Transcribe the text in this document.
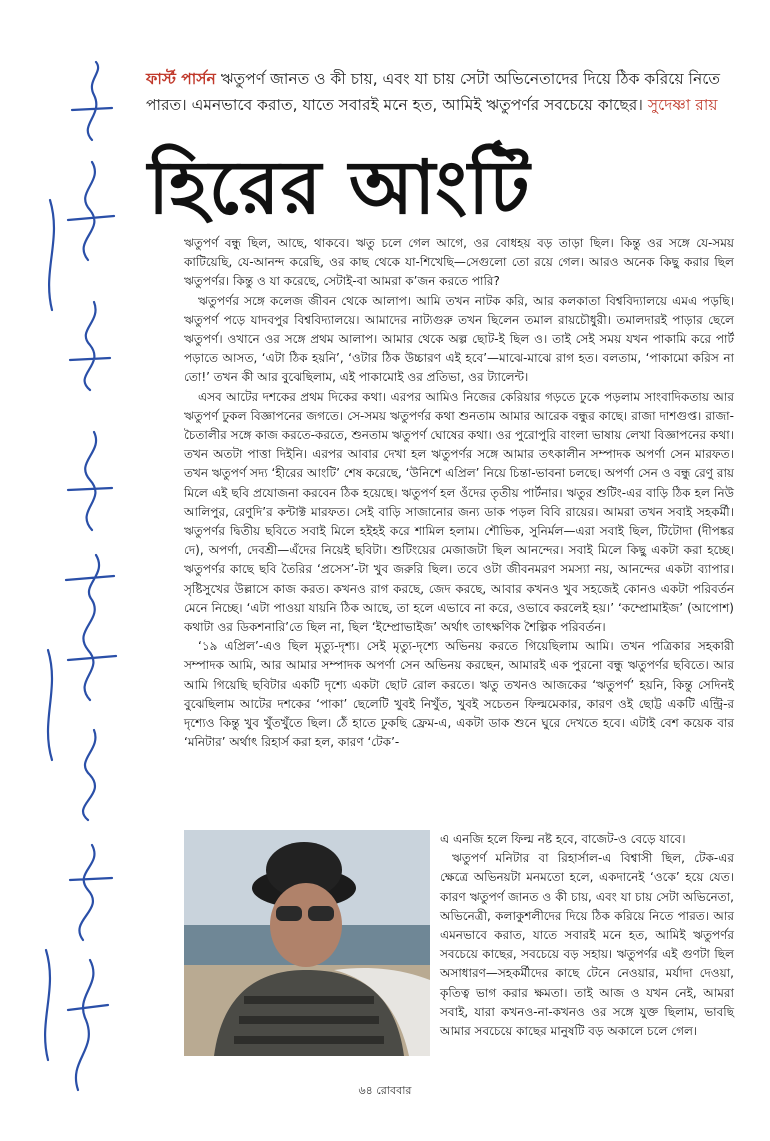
ফার্স্ট পার্সন ঋতুপর্ণ জানত ও কী চায়, এবং যা চায় সেটা অভিনেতাদের দিয়ে ঠিক করিয়ে নিতে পারত। এমনভাবে করাত, যাতে সবারই মনে হত, আমিই ঋতুপর্ণর সবচেয়ে কাছের। সুদেষ্ণা রায়
হিরের আংটি

ঋতুপর্ণ বন্ধু ছিল, আছে, থাকবে। ঋতু চলে গেল আগে, ওর বোধহয় বড় তাড়া ছিল। কিন্তু ওর সঙ্গে যে-সময় কাটিয়েছি, যে-আনন্দ করেছি, ওর কাছ থেকে যা-শিখেছি—সেগুলো তো রয়ে গেল। আরও অনেক কিছু করার ছিল ঋতুপর্ণর। কিন্তু ও যা করেছে, সেটাই-বা আমরা ক’জন করতে পারি?

ঋতুপর্ণর সঙ্গে কলেজ জীবন থেকে আলাপ। আমি তখন নাটক করি, আর কলকাতা বিশ্ববিদ্যালয়ে এমএ পড়ছি। ঋতুপর্ণ পড়ে যাদবপুর বিশ্ববিদ্যালয়ে। আমাদের নাট্যগুরু তখন ছিলেন তমাল রায়চৌধুরী। তমালদারই পাড়ার ছেলে ঋতুপর্ণ। ওখানে ওর সঙ্গে প্রথম আলাপ। আমার থেকে অল্প ছোট-ই ছিল ও। তাই সেই সময় যখন পাকামি করে পার্ট পড়াতে আসত, ‘এটা ঠিক হয়নি’, ‘ওটার ঠিক উচ্চারণ এই হবে’—মাঝে-মাঝে রাগ হত। বলতাম, ‘পাকামো করিস না তো!’ তখন কী আর বুঝেছিলাম, এই পাকামোই ওর প্রতিভা, ওর ট্যালেন্ট।

এসব আটের দশকের প্রথম দিকের কথা। এরপর আমিও নিজের কেরিয়ার গড়তে ঢুকে পড়লাম সাংবাদিকতায় আর ঋতুপর্ণ ঢুকল বিজ্ঞাপনের জগতে। সে-সময় ঋতুপর্ণর কথা শুনতাম আমার আরেক বন্ধুর কাছে। রাজা দাশগুপ্ত। রাজা-চৈতালীর সঙ্গে কাজ করতে-করতে, শুনতাম ঋতুপর্ণ ঘোষের কথা। ওর পুরোপুরি বাংলা ভাষায় লেখা বিজ্ঞাপনের কথা। তখন অতটা পাত্তা দিইনি। এরপর আবার দেখা হল ঋতুপর্ণর সঙ্গে আমার তৎকালীন সম্পাদক অপর্ণা সেন মারফত। তখন ঋতুপর্ণ সদ্য ‘হীরের আংটি’ শেষ করেছে, ‘উনিশে এপ্রিল’ নিয়ে চিন্তা-ভাবনা চলছে। অপর্ণা সেন ও বন্ধু রেণু রায় মিলে এই ছবি প্রযোজনা করবেন ঠিক হয়েছে। ঋতুপর্ণ হল ওঁদের তৃতীয় পার্টনার। ঋতুর শুটিং-এর বাড়ি ঠিক হল নিউ আলিপুর, রেণুদি’র কন্টাক্ট মারফত। সেই বাড়ি সাজানোর জন্য ডাক পড়ল বিবি রায়ের। আমরা তখন সবাই সহকর্মী। ঋতুপর্ণর দ্বিতীয় ছবিতে সবাই মিলে হইহই করে শামিল হলাম। শৌভিক, সুনির্মল—এরা সবাই ছিল, টিটোদা (দীপঙ্কর দে), অপর্ণা, দেবশ্রী—এঁদের নিয়েই ছবিটা। শুটিংয়ের মেজাজটা ছিল আনন্দের। সবাই মিলে কিছু একটা করা হচ্ছে। ঋতুপর্ণর কাছে ছবি তৈরির ‘প্রসেস’-টা খুব জরুরি ছিল। তবে ওটা জীবনমরণ সমস্যা নয়, আনন্দের একটা ব্যাপার। সৃষ্টিসুখের উল্লাসে কাজ করত। কখনও রাগ করছে, জেদ করছে, আবার কখনও খুব সহজেই কোনও একটা পরিবর্তন মেনে নিচ্ছে। ‘এটা পাওয়া যায়নি ঠিক আছে, তা হলে এভাবে না করে, ওভাবে করলেই হয়।’ ‘কম্প্রোমাইজ’ (আপোশ) কথাটা ওর ডিকশনারি’তে ছিল না, ছিল ‘ইম্প্রোভাইজ’ অর্থাৎ তাৎক্ষণিক শৈল্পিক পরিবর্তন।

‘১৯ এপ্রিল’-এও ছিল মৃত্যু-দৃশ্য। সেই মৃত্যু-দৃশ্যে অভিনয় করতে গিয়েছিলাম আমি। তখন পত্রিকার সহকারী সম্পাদক আমি, আর আমার সম্পাদক অপর্ণা সেন অভিনয় করছেন, আমারই এক পুরনো বন্ধু ঋতুপর্ণর ছবিতে। আর আমি গিয়েছি ছবিটার একটি দৃশ্যে একটা ছোট রোল করতে। ঋতু তখনও আজকের ‘ঋতুপর্ণ’ হয়নি, কিন্তু সেদিনই বুঝেছিলাম আটের দশকের ‘পাকা’ ছেলেটি খুবই নিখুঁত, খুবই সচেতন ফিল্মমেকার, কারণ ওই ছোট্ট একটি এন্ট্রি-র দৃশ্যেও কিন্তু খুব খুঁতখুঁতে ছিল। ঠেঁ হাতে ঢুকছি ফ্রেম-এ, একটা ডাক শুনে ঘুরে দেখতে হবে। এটাই বেশ কয়েক বার ‘মনিটার’ অর্থাৎ রিহার্স করা হল, কারণ ‘টেক’-

এ এনজি হলে ফিল্ম নষ্ট হবে, বাজেট-ও বেড়ে যাবে।

ঋতুপর্ণ মনিটার বা রিহার্সাল-এ বিশ্বাসী ছিল, টেক-এর ক্ষেত্রে অভিনয়টা মনমতো হলে, একদানেই ‘ওকে’ হয়ে যেত। কারণ ঋতুপর্ণ জানত ও কী চায়, এবং যা চায় সেটা অভিনেতা, অভিনেত্রী, কলাকুশলীদের দিয়ে ঠিক করিয়ে নিতে পারত। আর এমনভাবে করাত, যাতে সবারই মনে হত, আমিই ঋতুপর্ণর সবচেয়ে কাছের, সবচেয়ে বড় সহায়। ঋতুপর্ণর এই গুণটা ছিল অসাধারণ—সহকর্মীদের কাছে টেনে নেওয়ার, মর্যাদা দেওয়া, কৃতিত্ব ভাগ করার ক্ষমতা। তাই আজ ও যখন নেই, আমরা সবাই, যারা কখনও-না-কখনও ওর সঙ্গে যুক্ত ছিলাম, ভাবছি আমার সবচেয়ে কাছের মানুষটি বড় অকালে চলে গেল।

৬৪ রোববার
